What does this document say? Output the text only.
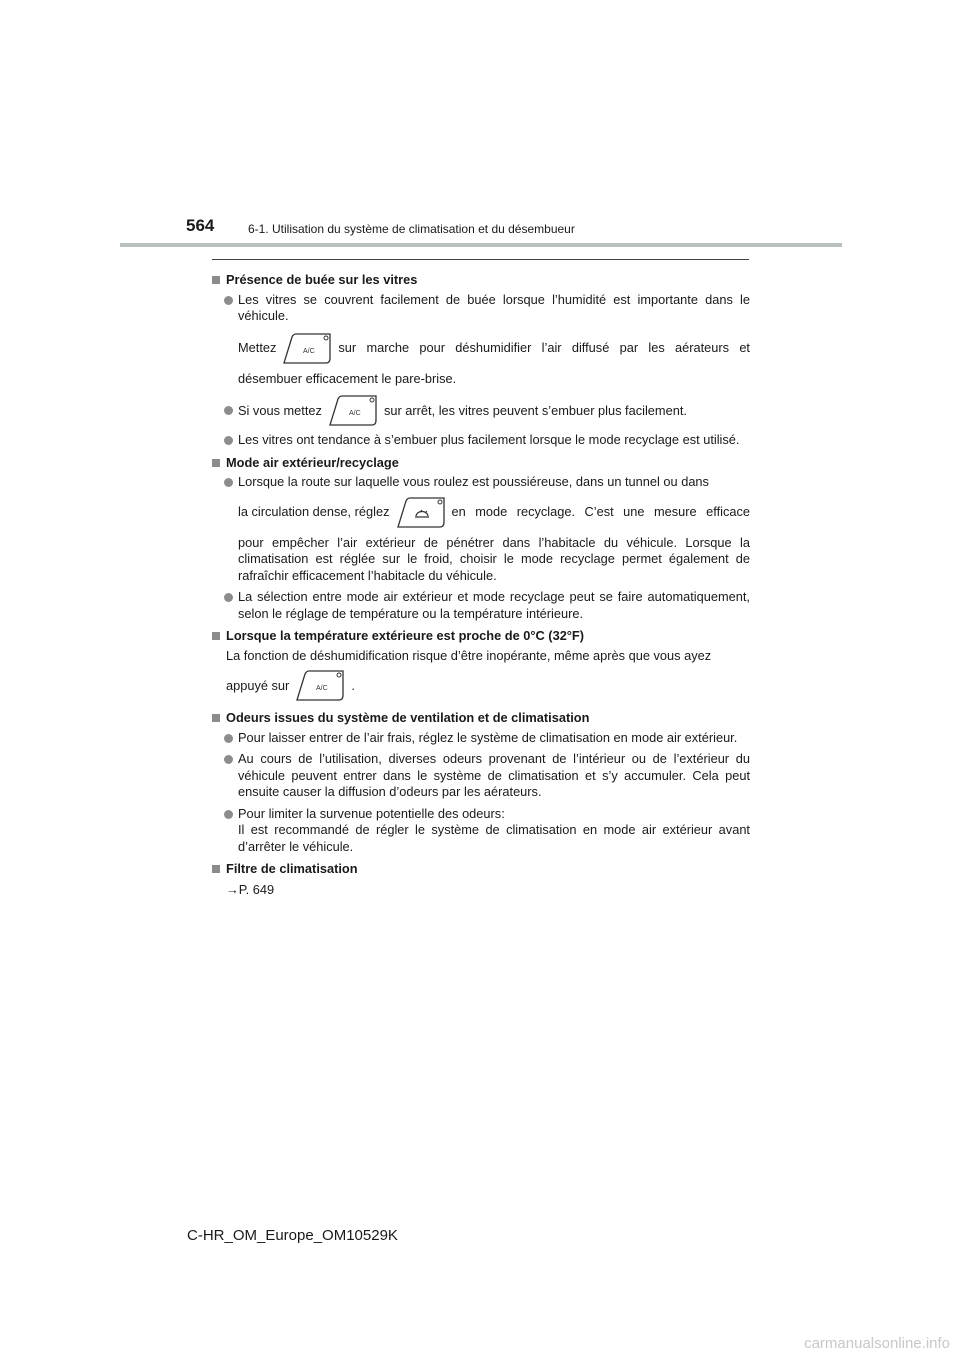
564	6-1. Utilisation du système de climatisation et du désembueur
Présence de buée sur les vitres
Les vitres se couvrent facilement de buée lorsque l’humidité est importante dans le véhicule.
Mettez	sur marche pour déshumidifier l’air diffusé par les aérateurs et
désembuer efficacement le pare-brise.
Si vous mettez	sur arrêt, les vitres peuvent s’embuer plus facilement.
Les vitres ont tendance à s’embuer plus facilement lorsque le mode recyclage est utilisé.
Mode air extérieur/recyclage
Lorsque la route sur laquelle vous roulez est poussiéreuse, dans un tunnel ou dans
la circulation dense, réglez	en mode recyclage. C’est une mesure efficace
pour empêcher l’air extérieur de pénétrer dans l’habitacle du véhicule. Lorsque la climatisation est réglée sur le froid, choisir le mode recyclage permet également de rafraîchir efficacement l’habitacle du véhicule.
La sélection entre mode air extérieur et mode recyclage peut se faire automatiquement, selon le réglage de température ou la température intérieure.
Lorsque la température extérieure est proche de 0°C (32°F)
La fonction de déshumidification risque d’être inopérante, même après que vous ayez
appuyé sur	.
Odeurs issues du système de ventilation et de climatisation
Pour laisser entrer de l’air frais, réglez le système de climatisation en mode air extérieur.
Au cours de l’utilisation, diverses odeurs provenant de l’intérieur ou de l’extérieur du véhicule peuvent entrer dans le système de climatisation et s’y accumuler. Cela peut ensuite causer la diffusion d’odeurs par les aérateurs.
Pour limiter la survenue potentielle des odeurs:
Il est recommandé de régler le système de climatisation en mode air extérieur avant d’arrêter le véhicule.
Filtre de climatisation
→P. 649
C-HR_OM_Europe_OM10529K
carmanualsonline.info
